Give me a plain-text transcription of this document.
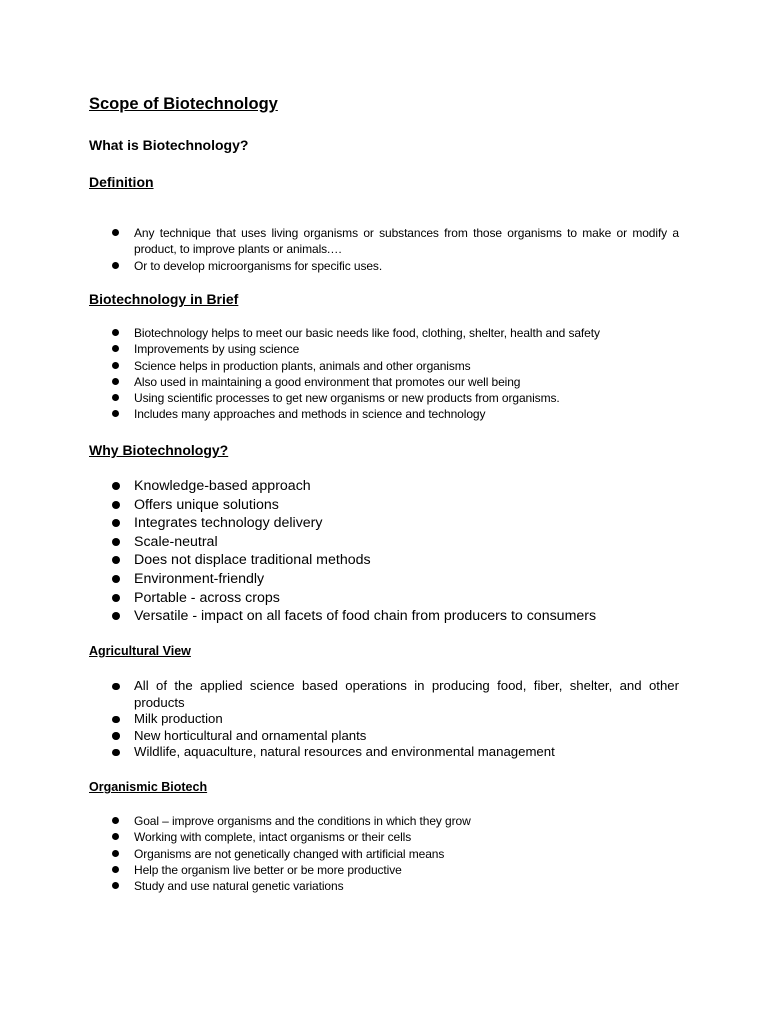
Scope of Biotechnology
What is Biotechnology?
Definition
Any technique that uses living organisms or substances from those organisms to make or modify a product, to improve plants or animals.…
Or to develop microorganisms for specific uses.
Biotechnology in Brief
Biotechnology helps to meet our basic needs like food, clothing, shelter, health and safety
Improvements by using science
Science helps in production plants, animals and other organisms
Also used in maintaining a good environment that promotes our well being
Using scientific processes to get new organisms or new products from organisms.
Includes many approaches and methods in science and technology
Why Biotechnology?
Knowledge-based approach
Offers unique solutions
Integrates technology delivery
Scale-neutral
Does not displace traditional methods
Environment-friendly
Portable - across crops
Versatile - impact on all facets of food chain from producers to consumers
Agricultural View
All of the applied science based operations in producing food, fiber, shelter, and other products
Milk production
New horticultural and ornamental plants
Wildlife, aquaculture, natural resources and environmental management
Organismic Biotech
Goal – improve organisms and the conditions in which they grow
Working with complete, intact organisms or their cells
Organisms are not genetically changed with artificial means
Help the organism live better or be more productive
Study and use natural genetic variations
